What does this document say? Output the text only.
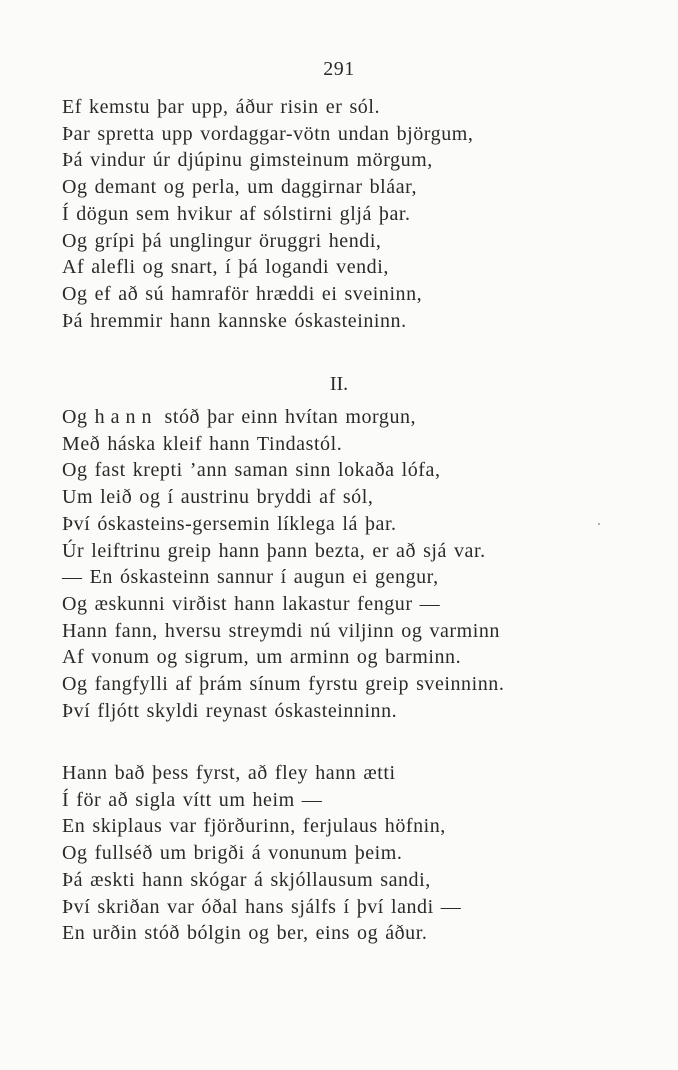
291
Ef kemstu þar upp, áður risin er sól.
Þar spretta upp vordaggar-vötn undan björgum,
Þá vindur úr djúpinu gimsteinum mörgum,
Og demant og perla, um daggirnar bláar,
Í dögun sem hvikur af sólstirni gljá þar.
Og grípi þá unglingur öruggri hendi,
Af alefli og snart, í þá logandi vendi,
Og ef að sú hamraför hræddi ei sveininn,
Þá hremmir hann kannske óskasteininn.
II.
Og hann stóð þar einn hvítan morgun,
Með háska kleif hann Tindastól.
Og fast krepti ’ann saman sinn lokaða lófa,
Um leið og í austrinu bryddi af sól,
Því óskasteins-gersemin líklega lá þar.
Úr leiftrinu greip hann þann bezta, er að sjá var.
— En óskasteinn sannur í augun ei gengur,
Og æskunni virðist hann lakastur fengur —
Hann fann, hversu streymdi nú viljinn og varminn
Af vonum og sigrum, um arminn og barminn.
Og fangfylli af þrám sínum fyrstu greip sveinninn.
Því fljótt skyldi reynast óskasteinninn.
Hann bað þess fyrst, að fley hann ætti
Í för að sigla vítt um heim —
En skiplaus var fjörðurinn, ferjulaus höfnin,
Og fullséð um brigði á vonunum þeim.
Þá æskti hann skógar á skjóllausum sandi,
Því skriðan var óðal hans sjálfs í því landi —
En urðin stóð bólgin og ber, eins og áður.
